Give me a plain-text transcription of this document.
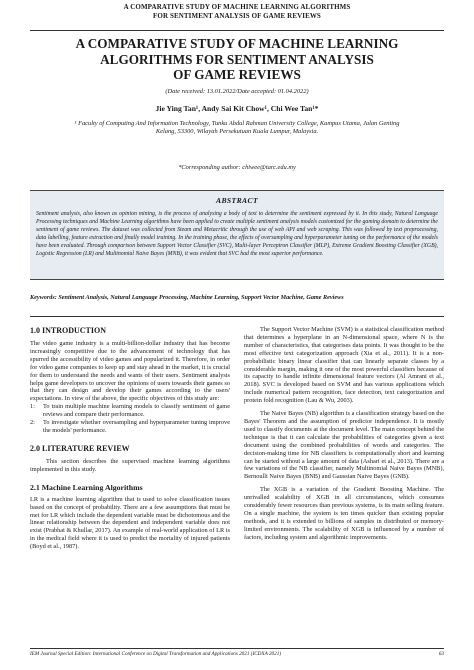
A COMPARATIVE STUDY OF MACHINE LEARNING ALGORITHMS
FOR SENTIMENT ANALYSIS OF GAME REVIEWS
A COMPARATIVE STUDY OF MACHINE LEARNING
ALGORITHMS FOR SENTIMENT ANALYSIS
OF GAME REVIEWS
(Date received: 13.01.2022/Date accepted: 01.04.2022)
Jie Ying Tan¹, Andy Sai Kit Chow¹, Chi Wee Tan¹*
¹ Faculty of Computing And Information Technology, Tunku Abdul Rahman University College, Kampus Utama, Jalan Genting Kelang, 53300, Wilayah Persekutuan Kuala Lumpur, Malaysia.
*Corresponding author: chiwee@tarc.edu.my
ABSTRACT
Sentiment analysis, also known as opinion mining, is the process of analysing a body of text to determine the sentiment expressed by it. In this study, Natural Language Processing techniques and Machine Learning algorithms have been applied to create multiple sentiment analysis models customized for the gaming domain to determine the sentiment of game reviews. The dataset was collected from Steam and Metacritic through the use of web API and web scraping. This was followed by text preprocessing, data labelling, feature extraction and finally model training. In the training phase, the effects of oversampling and hyperparameter tuning on the performance of the models have been evaluated. Through comparison between Support Vector Classifier (SVC), Multi-layer Perceptron Classifier (MLP), Extreme Gradient Boosting Classifier (XGB), Logistic Regression (LR) and Multinomial Naive Bayes (MNB), it was evident that SVC had the most superior performance.
Keywords: Sentiment Analysis, Natural Language Processing, Machine Learning, Support Vector Machine, Game Reviews
1.0 INTRODUCTION

The video game industry is a multi-billion-dollar industry that has become increasingly competitive due to the advancement of technology that has spurred the accessibility of video games and popularized it. Therefore, in order for video game companies to keep up and stay ahead in the market, it is crucial for them to understand the needs and wants of their users. Sentiment analysis helps game developers to uncover the opinions of users towards their games so that they can design and develop their games according to the users' expectations. In view of the above, the specific objectives of this study are:

1:	To train multiple machine learning models to classify sentiment of game reviews and compare their performance.
2:	To investigate whether oversampling and hyperparameter tuning improve the models' performance.
2.0 LITERATURE REVIEW

This section describes the supervised machine learning algorithms implemented in this study.

2.1 Machine Learning Algorithms

LR is a machine learning algorithm that is used to solve classification issues based on the concept of probability. There are a few assumptions that must be met for LR which include the dependent variable must be dichotomous and the linear relationship between the dependent and independent variable does not exist (Prabhat & Khullar, 2017). An example of real-world application of LR is in the medical field where it is used to predict the mortality of injured patients (Boyd et al., 1987).

The Support Vector Machine (SVM) is a statistical classification method that determines a hyperplane in an N-dimensional space, where N is the number of characteristics, that categorises data points. It was thought to be the most effective text categorization approach (Xia et al., 2011). It is a non-probabilistic binary linear classifier that can linearly separate classes by a considerable margin, making it one of the most powerful classifiers because of its capacity to handle infinite dimensional feature vectors (Al Amrani et al., 2018). SVC is developed based on SVM and has various applications which include numerical pattern recognition, face detection, text categorization and protein fold recognition (Lau & Wu, 2003).

The Naive Bayes (NB) algorithm is a classification strategy based on the Bayes' Theorem and the assumption of predictor independence. It is mostly used to classify documents at the document level. The main concept behind the technique is that it can calculate the probabilities of categories given a text document using the combined probabilities of words and categories. The decision-making time for NB classifiers is computationally short and learning can be started without a large amount of data (Ashari et al., 2013). There are a few variations of the NB classifier, namely Multinomial Naive Bayes (MNB), Bernoulli Naive Bayes (BNB) and Gaussian Naive Bayes (GNB).

The XGB is a variation of the Gradient Boosting Machine. The unrivalled scalability of XGB in all circumstances, which consumes considerably fewer resources than previous systems, is its main selling feature. On a single machine, the system is ten times quicker than existing popular methods, and it is extended to billions of samples in distributed or memory-limited environments. The scalability of XGB is influenced by a number of factors, including system and algorithmic improvements.

IEM Journal Special Edition: International Conference on Digital Transformation and Applications 2021 (ICDXA 2021)	63
